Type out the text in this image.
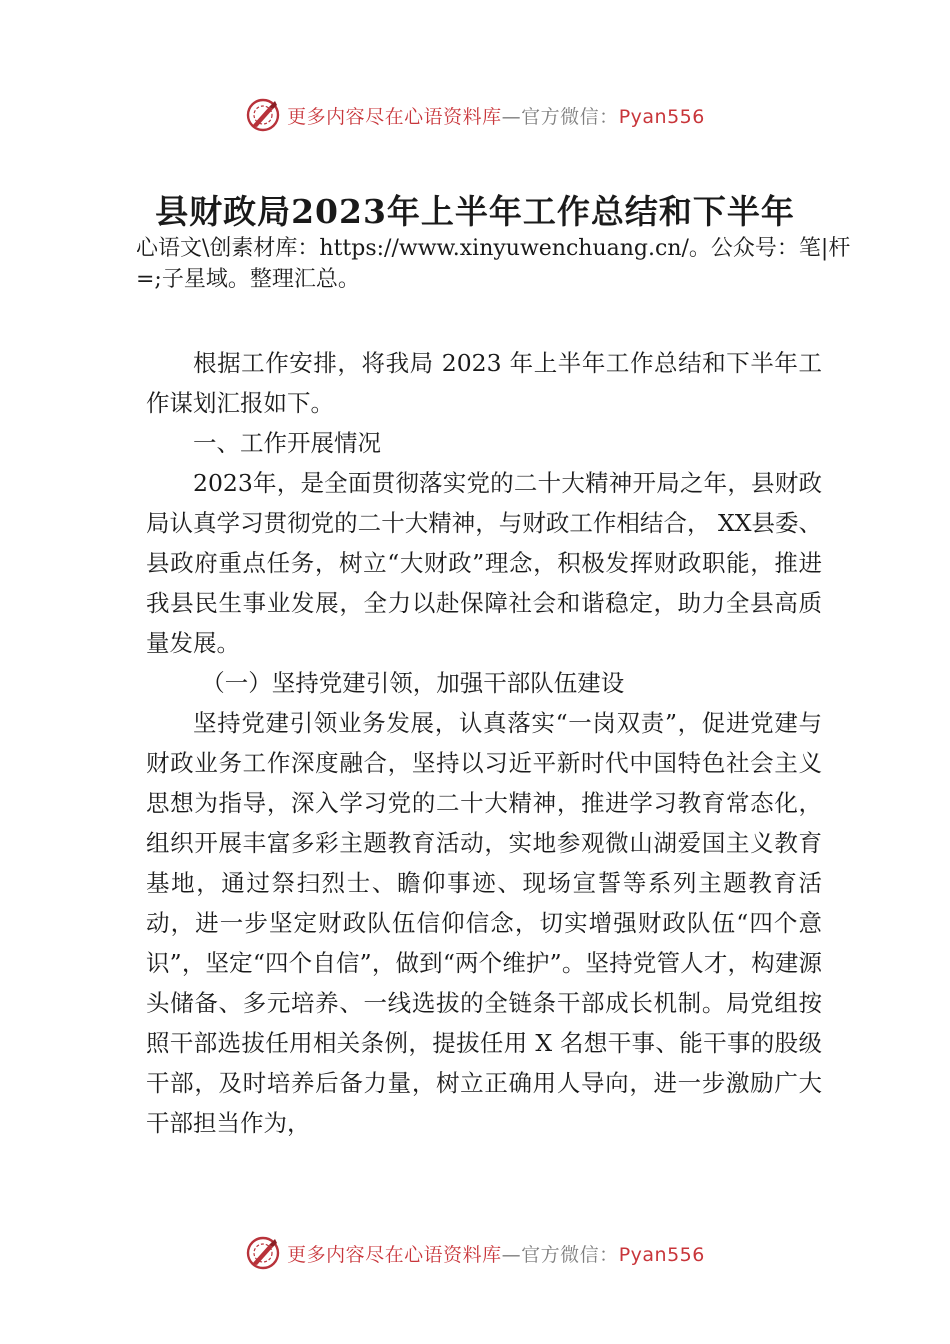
更多内容尽在心语资料库—官方微信：Pyan556
县财政局2023年上半年工作总结和下半年
心语文\创素材库：https://www.xinyuwenchuang.cn/。公众号：笔|杆=;子星域。整理汇总。

根据工作安排，将我局 2023 年上半年工作总结和下半年工作谋划汇报如下。

一、工作开展情况

2023年，是全面贯彻落实党的二十大精神开局之年，县财政局认真学习贯彻党的二十大精神，与财政工作相结合， XX县委、县政府重点任务，树立“大财政”理念，积极发挥财政职能，推进我县民生事业发展，全力以赴保障社会和谐稳定，助力全县高质量发展。

（一）坚持党建引领，加强干部队伍建设

坚持党建引领业务发展，认真落实“一岗双责”，促进党建与财政业务工作深度融合，坚持以习近平新时代中国特色社会主义思想为指导，深入学习党的二十大精神，推进学习教育常态化，组织开展丰富多彩主题教育活动，实地参观微山湖爱国主义教育基地，通过祭扫烈士、瞻仰事迹、现场宣誓等系列主题教育活动，进一步坚定财政队伍信仰信念，切实增强财政队伍“四个意识”，坚定“四个自信”，做到“两个维护”。坚持党管人才，构建源头储备、多元培养、一线选拔的全链条干部成长机制。局党组按照干部选拔任用相关条例，提拔任用 X 名想干事、能干事的股级干部，及时培养后备力量，树立正确用人导向，进一步激励广大干部担当作为，

更多内容尽在心语资料库—官方微信：Pyan556
